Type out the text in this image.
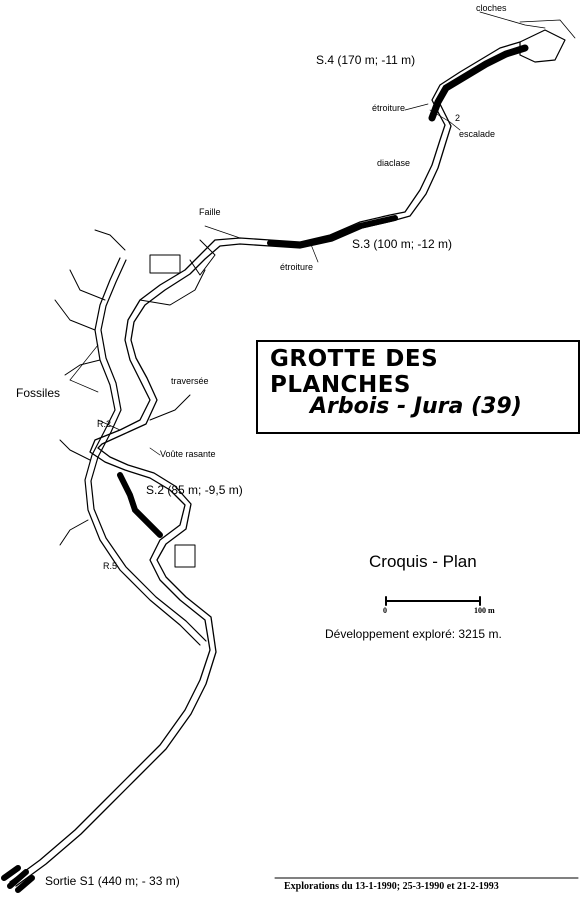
cloches
S.4 (170 m; -11 m)
étroiture
2
escalade
diaclase
Faille
S.3 (100 m; -12 m)
étroiture
traversée
Fossiles
R.2
Voûte rasante
S.2 (85 m; -9,5 m)
R.5
Sortie S1 (440 m; - 33 m)
GROTTE DES PLANCHES
Arbois - Jura (39)
Croquis - Plan
0	100 m
Développement exploré: 3215 m.
Explorations du 13-1-1990; 25-3-1990 et 21-2-1993
